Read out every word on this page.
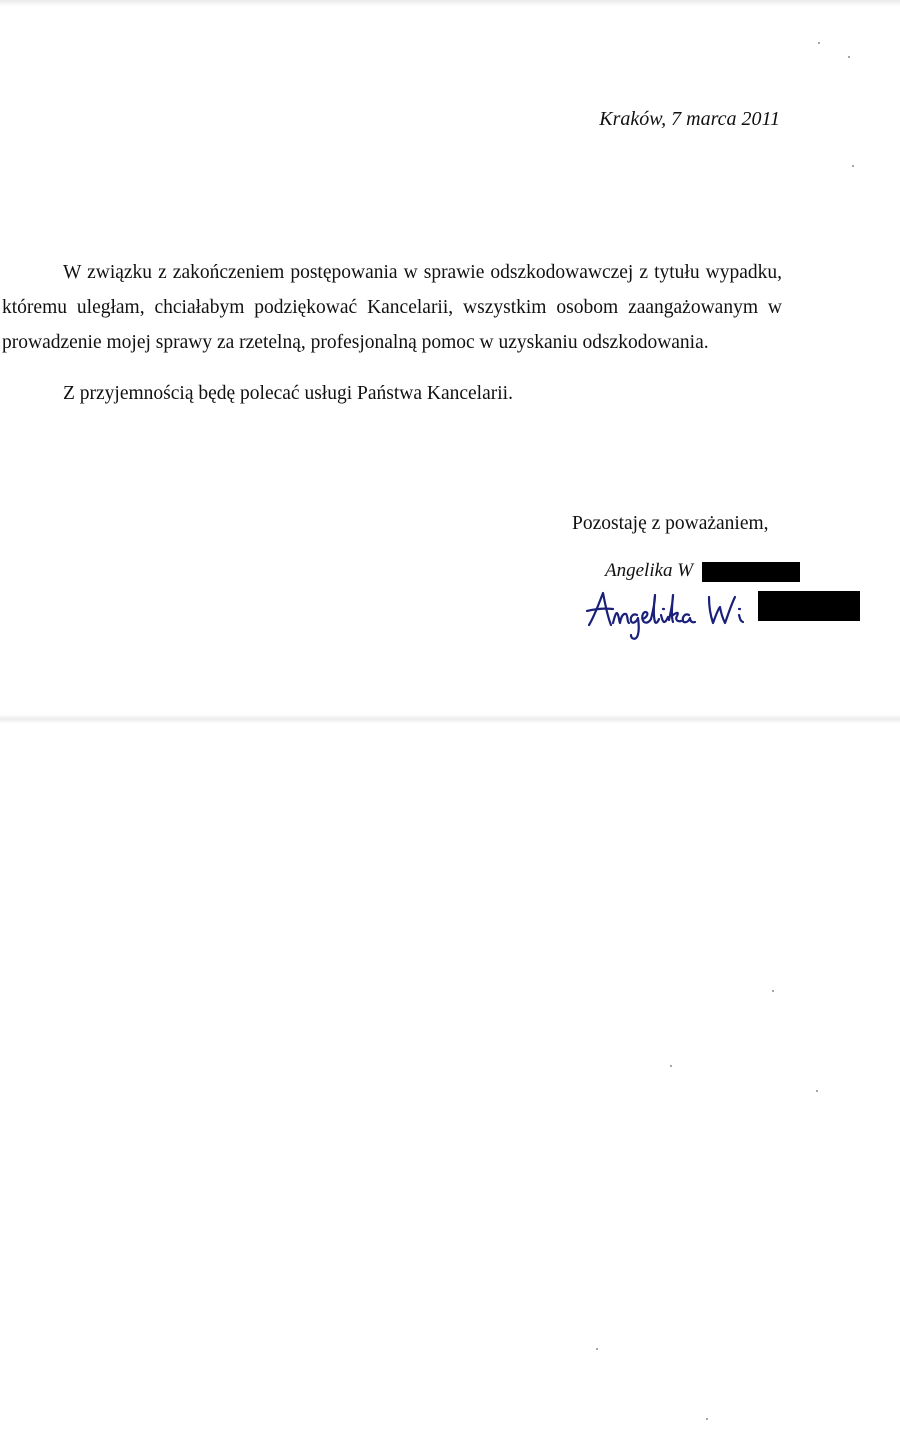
Kraków, 7 marca 2011

W związku z zakończeniem postępowania w sprawie odszkodowawczej z tytułu wypadku, któremu uległam, chciałabym podziękować Kancelarii, wszystkim osobom zaangażowanym w prowadzenie mojej sprawy za rzetelną, profesjonalną pomoc w uzyskaniu odszkodowania.

Z przyjemnością będę polecać usługi Państwa Kancelarii.

Pozostaję z poważaniem,
Angelika W
